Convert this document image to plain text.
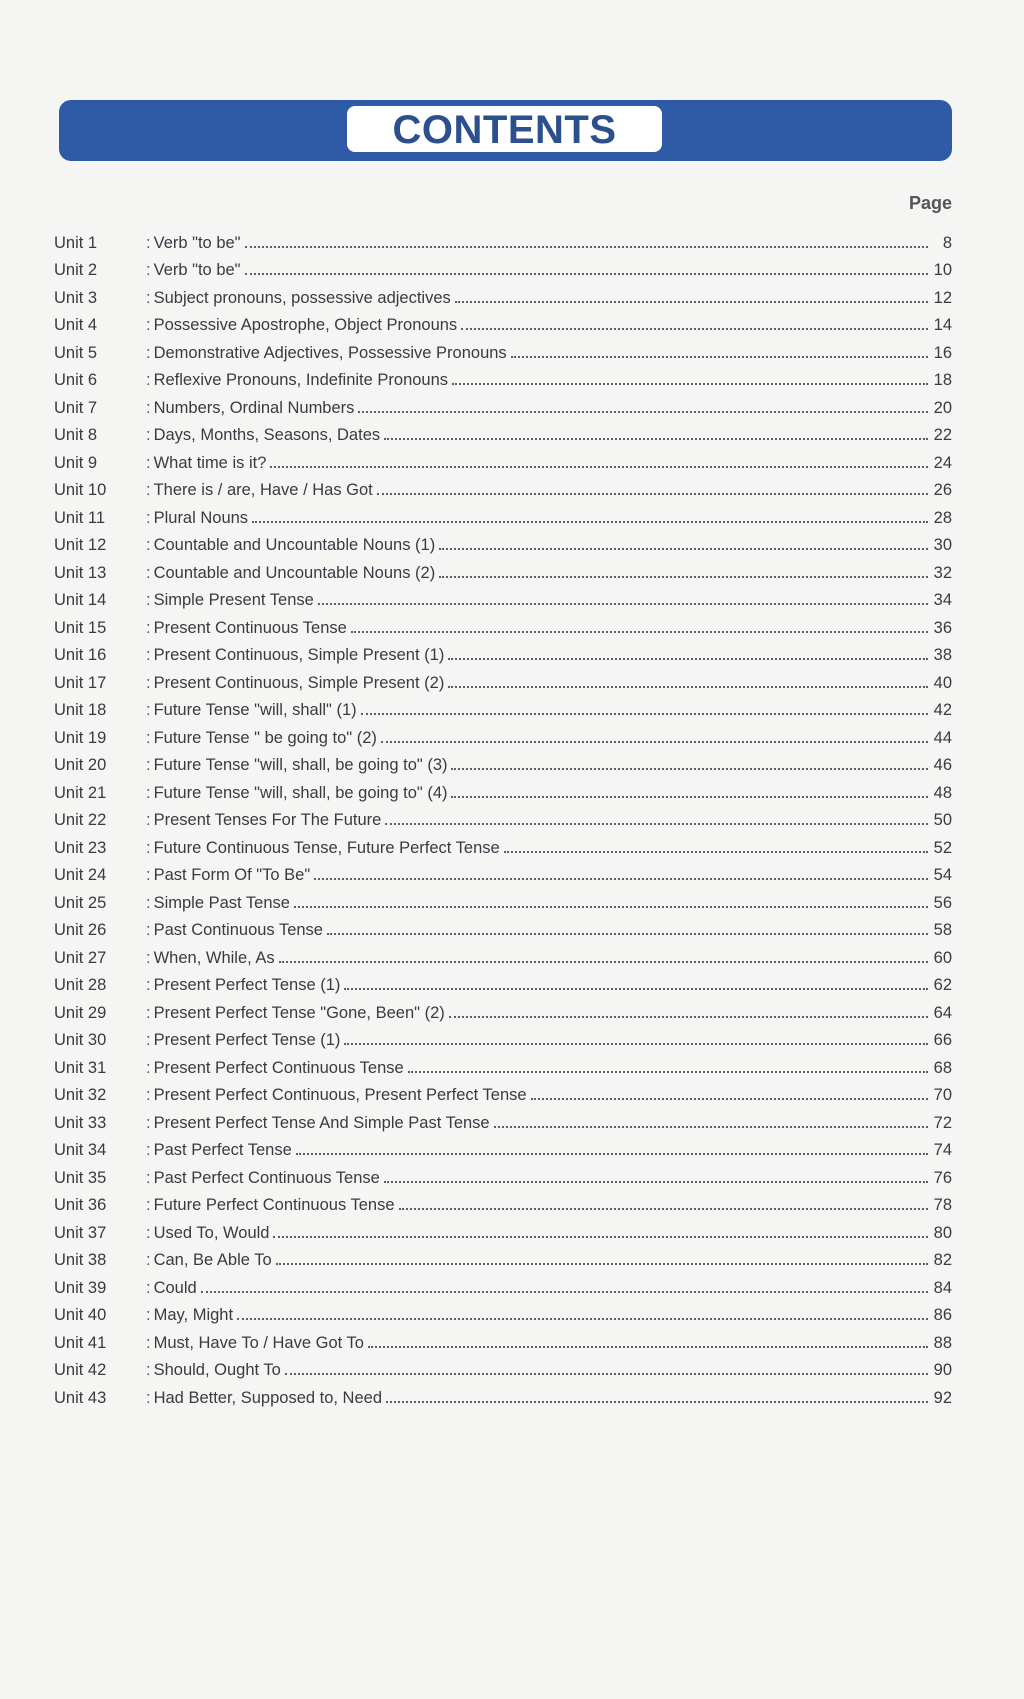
CONTENTS
Page
Unit 1	: Verb "to be"	8
Unit 2	: Verb "to be"	10
Unit 3	: Subject pronouns, possessive adjectives	12
Unit 4	: Possessive Apostrophe, Object Pronouns	14
Unit 5	: Demonstrative Adjectives, Possessive Pronouns	16
Unit 6	: Reflexive Pronouns, Indefinite Pronouns	18
Unit 7	: Numbers, Ordinal Numbers	20
Unit 8	: Days, Months, Seasons, Dates	22
Unit 9	: What time is it?	24
Unit 10	: There is / are, Have / Has Got	26
Unit 11	: Plural Nouns	28
Unit 12	: Countable and Uncountable Nouns (1)	30
Unit 13	: Countable and Uncountable Nouns (2)	32
Unit 14	: Simple Present Tense	34
Unit 15	: Present Continuous Tense	36
Unit 16	: Present Continuous, Simple Present (1)	38
Unit 17	: Present Continuous, Simple Present (2)	40
Unit 18	: Future Tense "will, shall" (1)	42
Unit 19	: Future Tense " be going to" (2)	44
Unit 20	: Future Tense "will, shall, be going to" (3)	46
Unit 21	: Future Tense "will, shall, be going to" (4)	48
Unit 22	: Present Tenses For The Future	50
Unit 23	: Future Continuous Tense, Future Perfect Tense	52
Unit 24	: Past Form Of "To Be"	54
Unit 25	: Simple Past Tense	56
Unit 26	: Past Continuous Tense	58
Unit 27	: When, While, As	60
Unit 28	: Present Perfect Tense (1)	62
Unit 29	: Present Perfect Tense "Gone, Been" (2)	64
Unit 30	: Present Perfect Tense (1)	66
Unit 31	: Present Perfect Continuous Tense	68
Unit 32	: Present Perfect Continuous, Present Perfect Tense	70
Unit 33	: Present Perfect Tense And Simple Past Tense	72
Unit 34	: Past Perfect Tense	74
Unit 35	: Past Perfect Continuous Tense	76
Unit 36	: Future Perfect Continuous Tense	78
Unit 37	: Used To, Would	80
Unit 38	: Can, Be Able To	82
Unit 39	: Could	84
Unit 40	: May, Might	86
Unit 41	: Must, Have To / Have Got To	88
Unit 42	: Should, Ought To	90
Unit 43	: Had Better, Supposed to, Need	92
